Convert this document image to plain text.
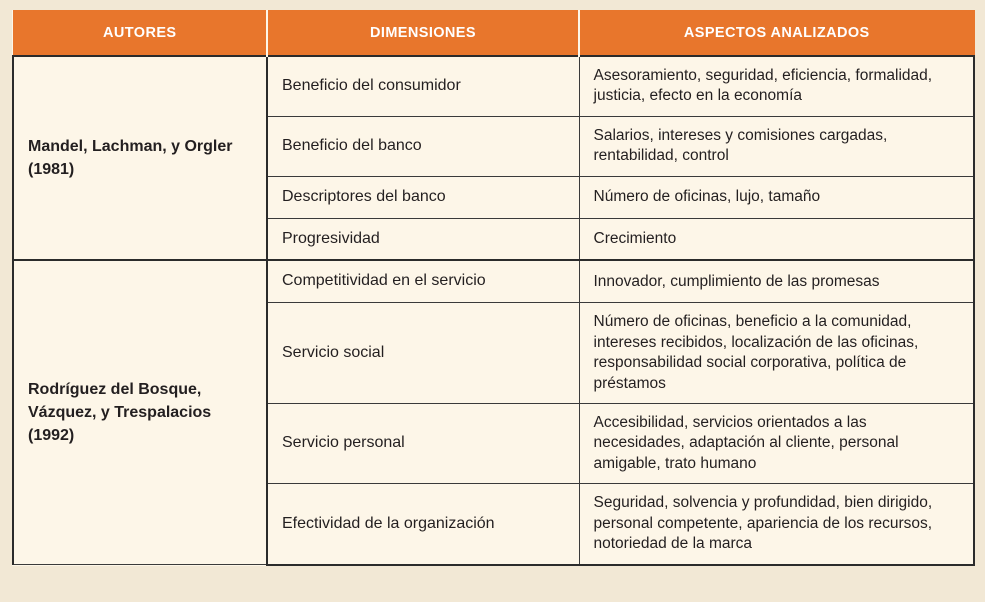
AUTORES	DIMENSIONES	ASPECTOS ANALIZADOS
Mandel, Lachman, y Orgler (1981)	Beneficio del consumidor	Asesoramiento, seguridad, eficiencia, formalidad, justicia, efecto en la economía
	Beneficio del banco	Salarios, intereses y comisiones cargadas, rentabilidad, control
	Descriptores del banco	Número de oficinas, lujo, tamaño
	Progresividad	Crecimiento
Rodríguez del Bosque, Vázquez, y Trespalacios (1992)	Competitividad en el servicio	Innovador, cumplimiento de las promesas
	Servicio social	Número de oficinas, beneficio a la comunidad, intereses recibidos, localización de las oficinas, responsabilidad social corporativa, política de préstamos
	Servicio personal	Accesibilidad, servicios orientados a las necesidades, adaptación al cliente, personal amigable, trato humano
	Efectividad de la organización	Seguridad, solvencia y profundidad, bien dirigido, personal competente, apariencia de los recursos, notoriedad de la marca
